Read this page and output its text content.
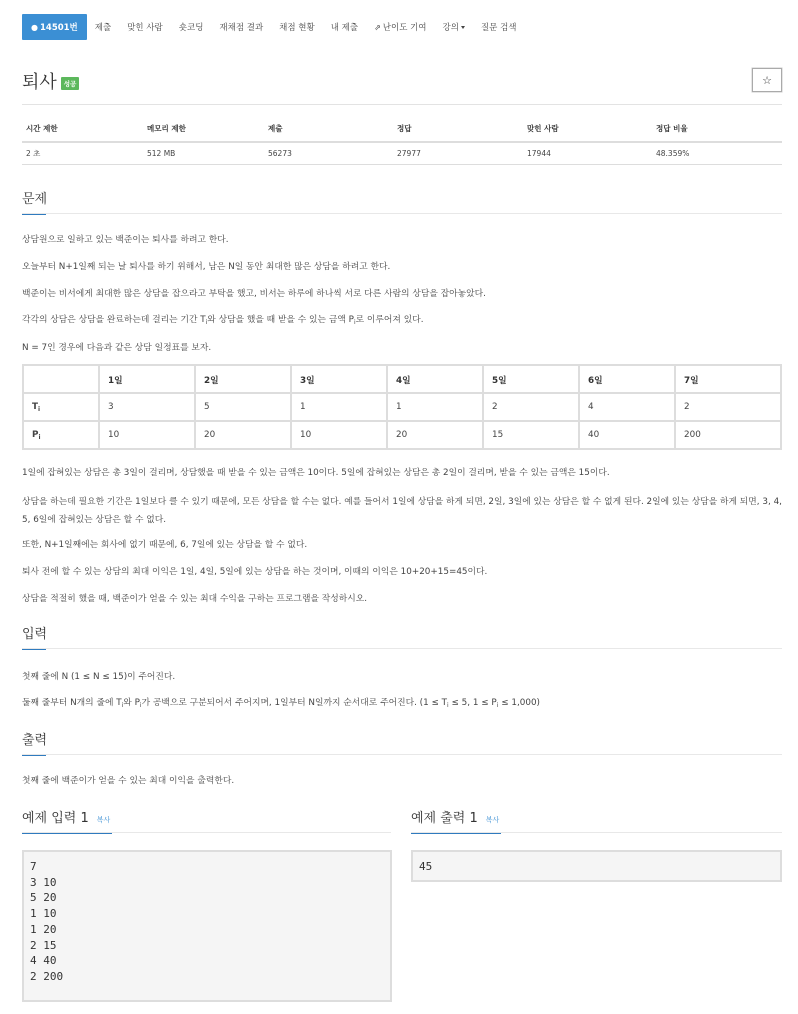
● 14501번	제출	맞힌 사람	숏코딩	재채점 결과	채점 현황	내 제출	⇗ 난이도 기여 강의	질문 검색
퇴사	성공	☆
시간 제한	메모리 제한	제출	정답	맞힌 사람	정답 비율
2 초	512 MB	56273	27977	17944	48.359%
문제
상담원으로 일하고 있는 백준이는 퇴사를 하려고 한다.
오늘부터 N+1일째 되는 날 퇴사를 하기 위해서, 남은 N일 동안 최대한 많은 상담을 하려고 한다.
백준이는 비서에게 최대한 많은 상담을 잡으라고 부탁을 했고, 비서는 하루에 하나씩 서로 다른 사람의 상담을 잡아놓았다.
각각의 상담은 상담을 완료하는데 걸리는 기간 $T_i$와 상담을 했을 때 받을 수 있는 금액 $P_i$로 이루어져 있다.
N = 7인 경우에 다음과 같은 상담 일정표를 보자.
	1일	2일	3일	4일	5일	6일	7일
$T_i$	3	5	1	1	2	4	2
$P_i$	10	20	10	20	15	40	200
1일에 잡혀있는 상담은 총 3일이 걸리며, 상담했을 때 받을 수 있는 금액은 10이다. 5일에 잡혀있는 상담은 총 2일이 걸리며, 받을 수 있는 금액은 15이다.
상담을 하는데 필요한 기간은 1일보다 클 수 있기 때문에, 모든 상담을 할 수는 없다. 예를 들어서 1일에 상담을 하게 되면, 2일, 3일에 있는 상담은 할 수 없게 된다. 2일에 있는 상담을 하게 되면, 3, 4, 5, 6일에 잡혀있는 상담은 할 수 없다.
또한, N+1일째에는 회사에 없기 때문에, 6, 7일에 있는 상담을 할 수 없다.
퇴사 전에 할 수 있는 상담의 최대 이익은 1일, 4일, 5일에 있는 상담을 하는 것이며, 이때의 이익은 10+20+15=45이다.
상담을 적절히 했을 때, 백준이가 얻을 수 있는 최대 수익을 구하는 프로그램을 작성하시오.
입력
첫째 줄에 N (1 ≤ N ≤ 15)이 주어진다.
둘째 줄부터 N개의 줄에 $T_i$와 $P_i$가 공백으로 구분되어서 주어지며, 1일부터 N일까지 순서대로 주어진다. ($1 \le T_i \le 5$, $1 \le P_i \le 1,000$)
출력
첫째 줄에 백준이가 얻을 수 있는 최대 이익을 출력한다.
예제 입력 1 복사
7
3 10
5 20
1 10
1 20
2 15
4 40
2 200
예제 출력 1 복사
45
